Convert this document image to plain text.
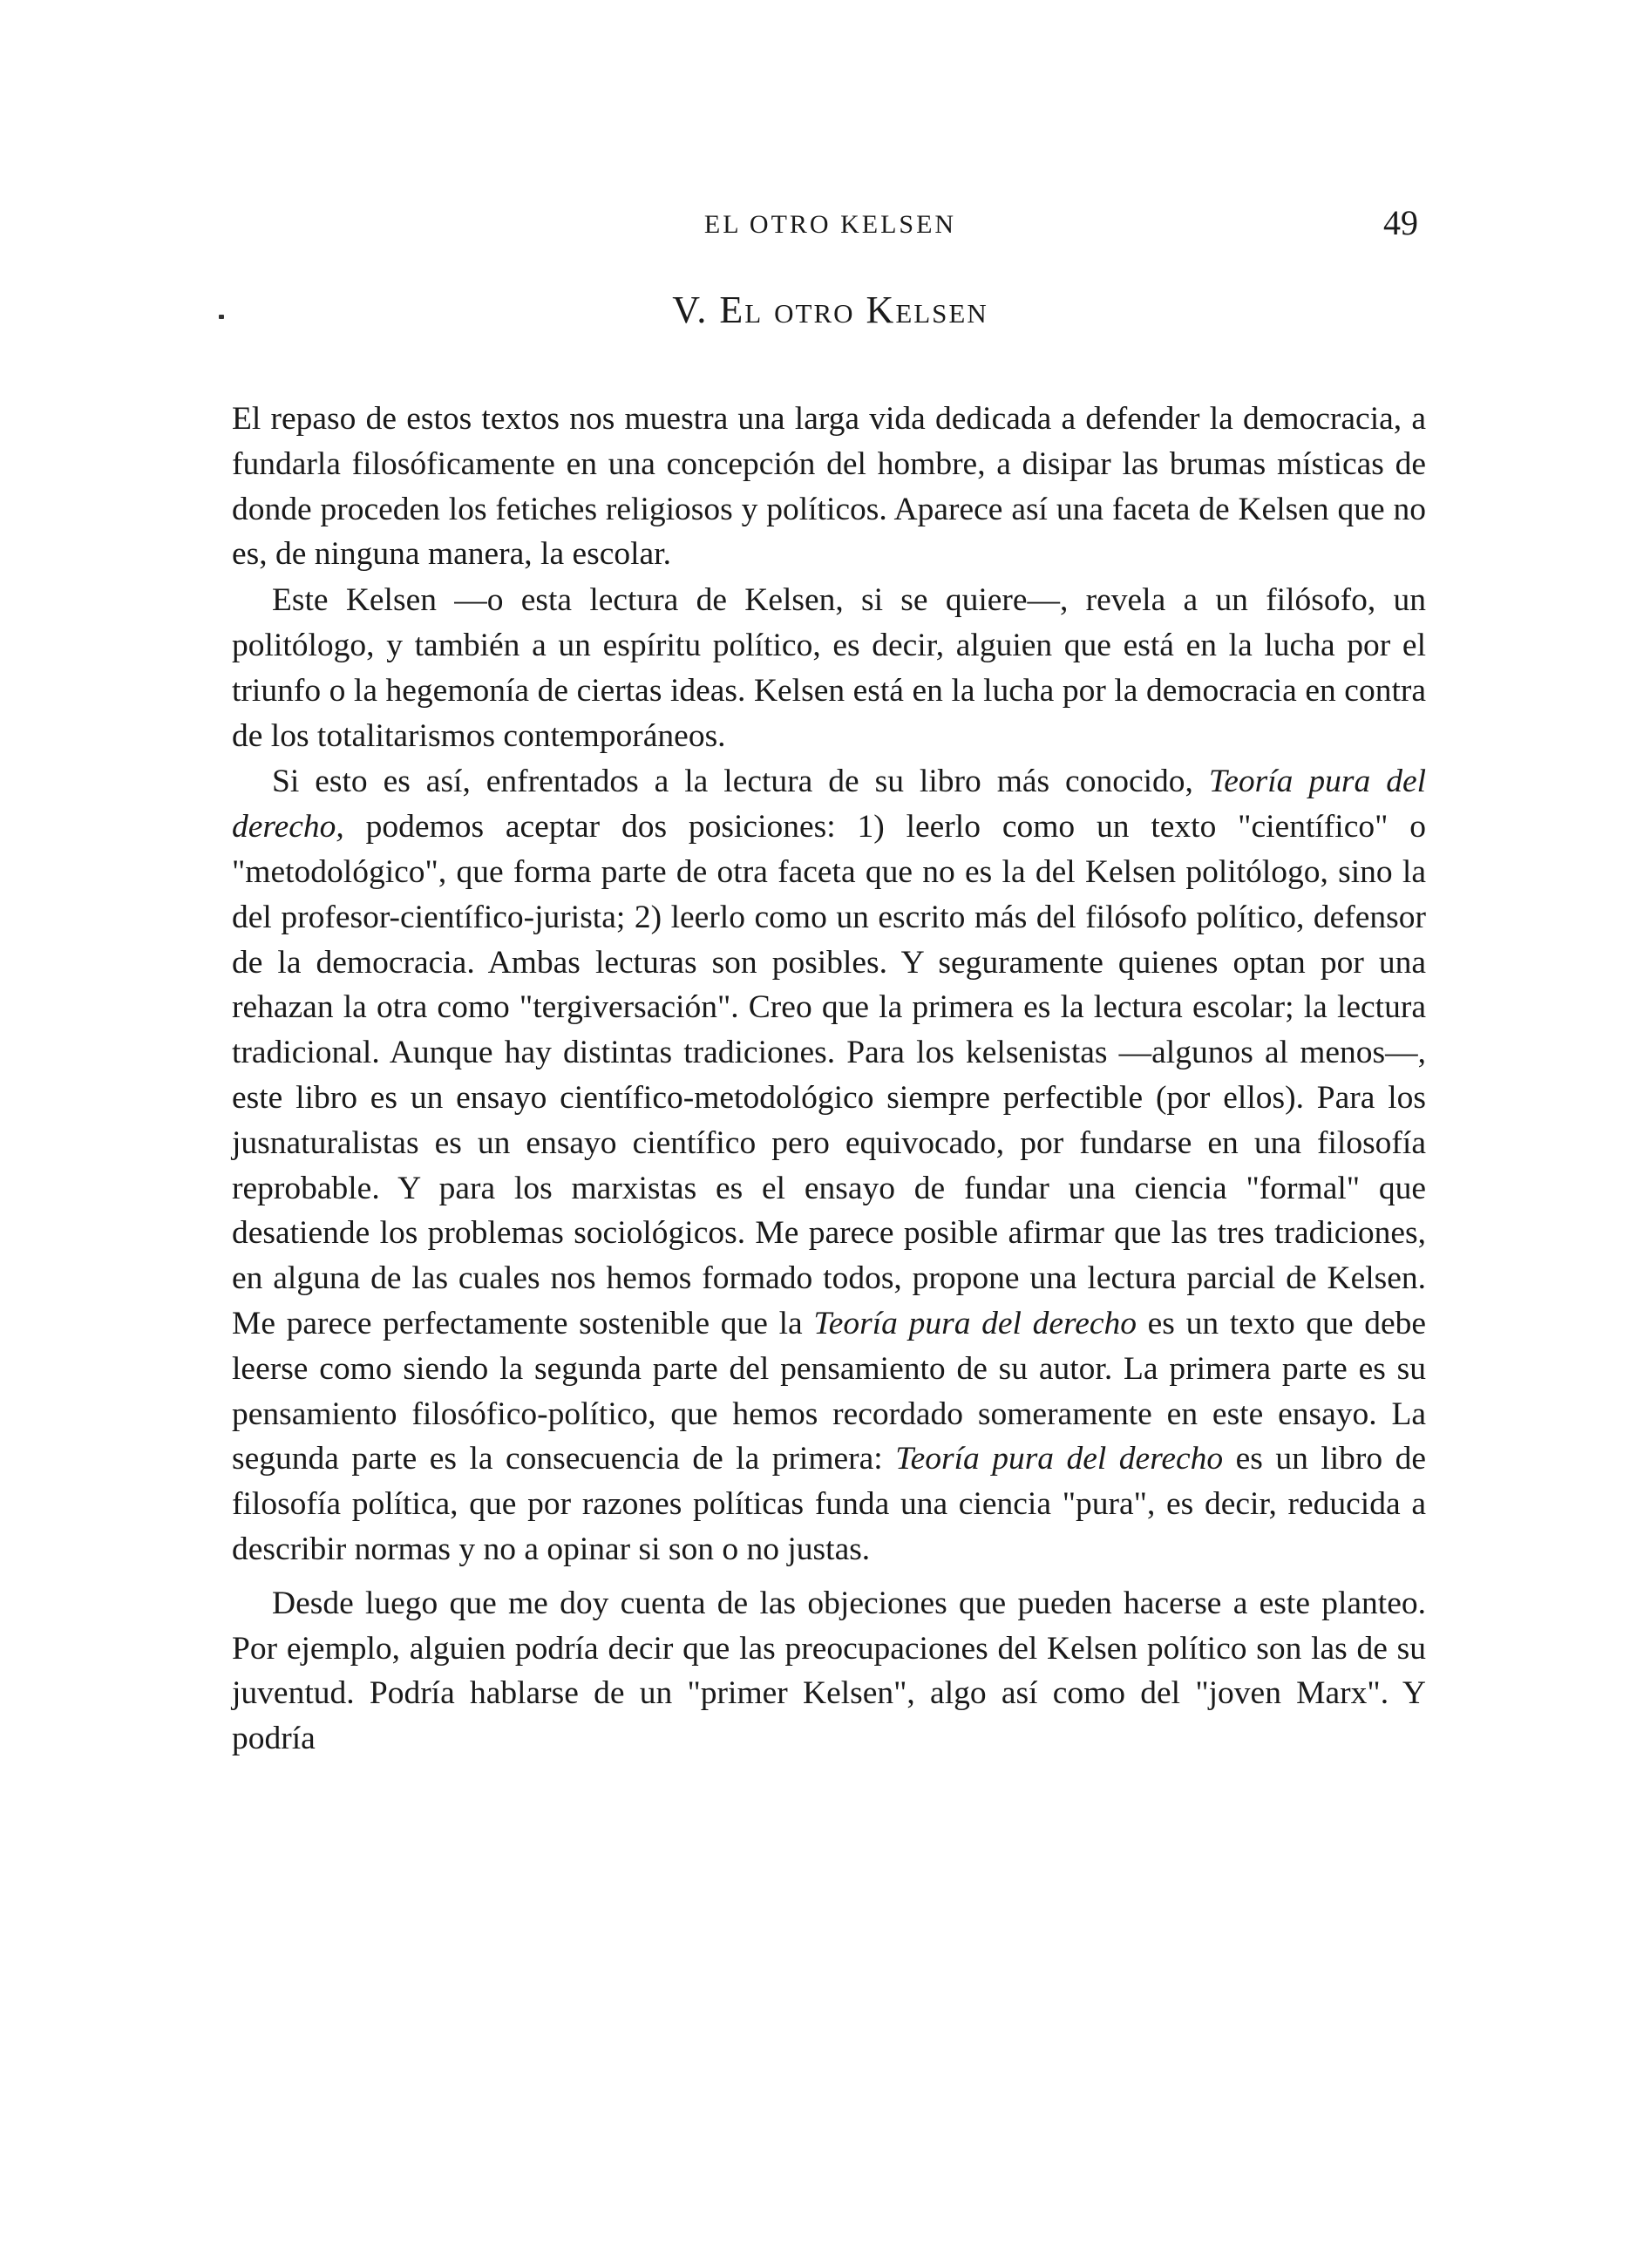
EL OTRO KELSEN	49
V. El otro Kelsen

El repaso de estos textos nos muestra una larga vida dedicada a defender la democracia, a fundarla filosóficamente en una concepción del hombre, a disipar las brumas místicas de donde proceden los fetiches religiosos y políticos. Aparece así una faceta de Kelsen que no es, de ninguna manera, la escolar.

Este Kelsen —o esta lectura de Kelsen, si se quiere—, revela a un filósofo, un politólogo, y también a un espíritu político, es decir, alguien que está en la lucha por el triunfo o la hegemonía de ciertas ideas. Kelsen está en la lucha por la democracia en contra de los totalitarismos contemporáneos.

Si esto es así, enfrentados a la lectura de su libro más conocido, Teoría pura del derecho, podemos aceptar dos posiciones: 1) leerlo como un texto "científico" o "metodológico", que forma parte de otra faceta que no es la del Kelsen politólogo, sino la del profesor-científico-jurista; 2) leerlo como un escrito más del filósofo político, defensor de la democracia. Ambas lecturas son posibles. Y seguramente quienes optan por una rehazan la otra como "tergiversación". Creo que la primera es la lectura escolar; la lectura tradicional. Aunque hay distintas tradiciones. Para los kelsenistas —algunos al menos—, este libro es un ensayo científico-metodológico siempre perfectible (por ellos). Para los jusnaturalistas es un ensayo científico pero equivocado, por fundarse en una filosofía reprobable. Y para los marxistas es el ensayo de fundar una ciencia "formal" que desatiende los problemas sociológicos. Me parece posible afirmar que las tres tradiciones, en alguna de las cuales nos hemos formado todos, propone una lectura parcial de Kelsen. Me parece perfectamente sostenible que la Teoría pura del derecho es un texto que debe leerse como siendo la segunda parte del pensamiento de su autor. La primera parte es su pensamiento filosófico-político, que hemos recordado someramente en este ensayo. La segunda parte es la consecuencia de la primera: Teoría pura del derecho es un libro de filosofía política, que por razones políticas funda una ciencia "pura", es decir, reducida a describir normas y no a opinar si son o no justas.

Desde luego que me doy cuenta de las objeciones que pueden hacerse a este planteo. Por ejemplo, alguien podría decir que las preocupaciones del Kelsen político son las de su juventud. Podría hablarse de un "primer Kelsen", algo así como del "joven Marx". Y podría
